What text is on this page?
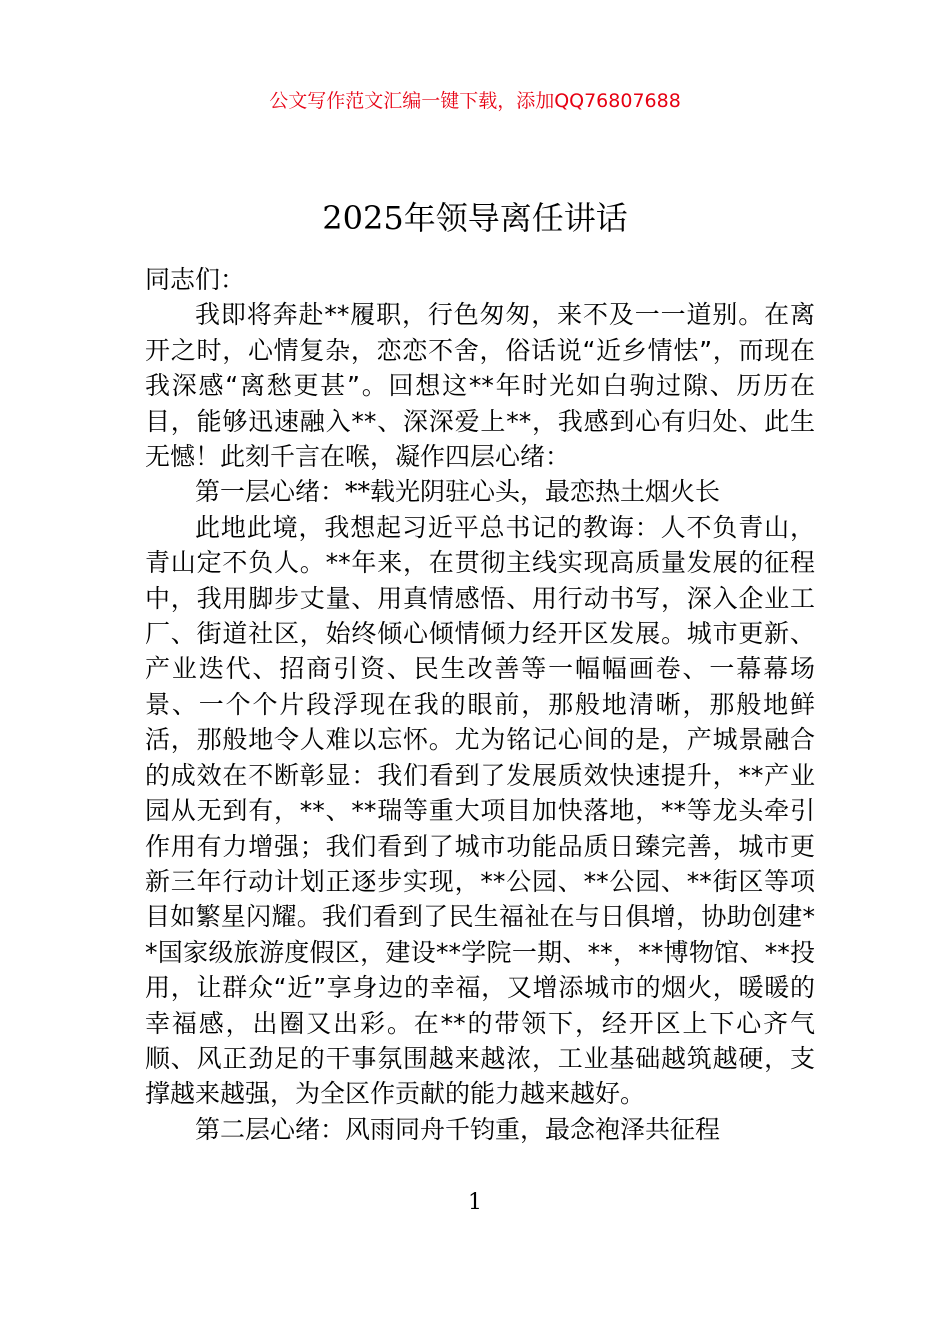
公文写作范文汇编一键下载，添加QQ76807688
2025年领导离任讲话

同志们：

我即将奔赴**履职，行色匆匆，来不及一一道别。在离开之时，心情复杂，恋恋不舍，俗话说“近乡情怯”，而现在我深感“离愁更甚”。回想这**年时光如白驹过隙、历历在目，能够迅速融入**、深深爱上**，我感到心有归处、此生无憾！此刻千言在喉，凝作四层心绪：

第一层心绪：**载光阴驻心头，最恋热土烟火长

此地此境，我想起习近平总书记的教诲：人不负青山，青山定不负人。**年来，在贯彻主线实现高质量发展的征程中，我用脚步丈量、用真情感悟、用行动书写，深入企业工厂、街道社区，始终倾心倾情倾力经开区发展。城市更新、产业迭代、招商引资、民生改善等一幅幅画卷、一幕幕场景、一个个片段浮现在我的眼前，那般地清晰，那般地鲜活，那般地令人难以忘怀。尤为铭记心间的是，产城景融合的成效在不断彰显：我们看到了发展质效快速提升，**产业园从无到有，**、**瑞等重大项目加快落地，**等龙头牵引作用有力增强；我们看到了城市功能品质日臻完善，城市更新三年行动计划正逐步实现，**公园、**公园、**街区等项目如繁星闪耀。我们看到了民生福祉在与日俱增，协助创建**国家级旅游度假区，建设**学院一期、**，**博物馆、**投用，让群众“近”享身边的幸福，又增添城市的烟火，暖暖的幸福感，出圈又出彩。在**的带领下，经开区上下心齐气顺、风正劲足的干事氛围越来越浓，工业基础越筑越硬，支撑越来越强，为全区作贡献的能力越来越好。

第二层心绪：风雨同舟千钧重，最念袍泽共征程

1
